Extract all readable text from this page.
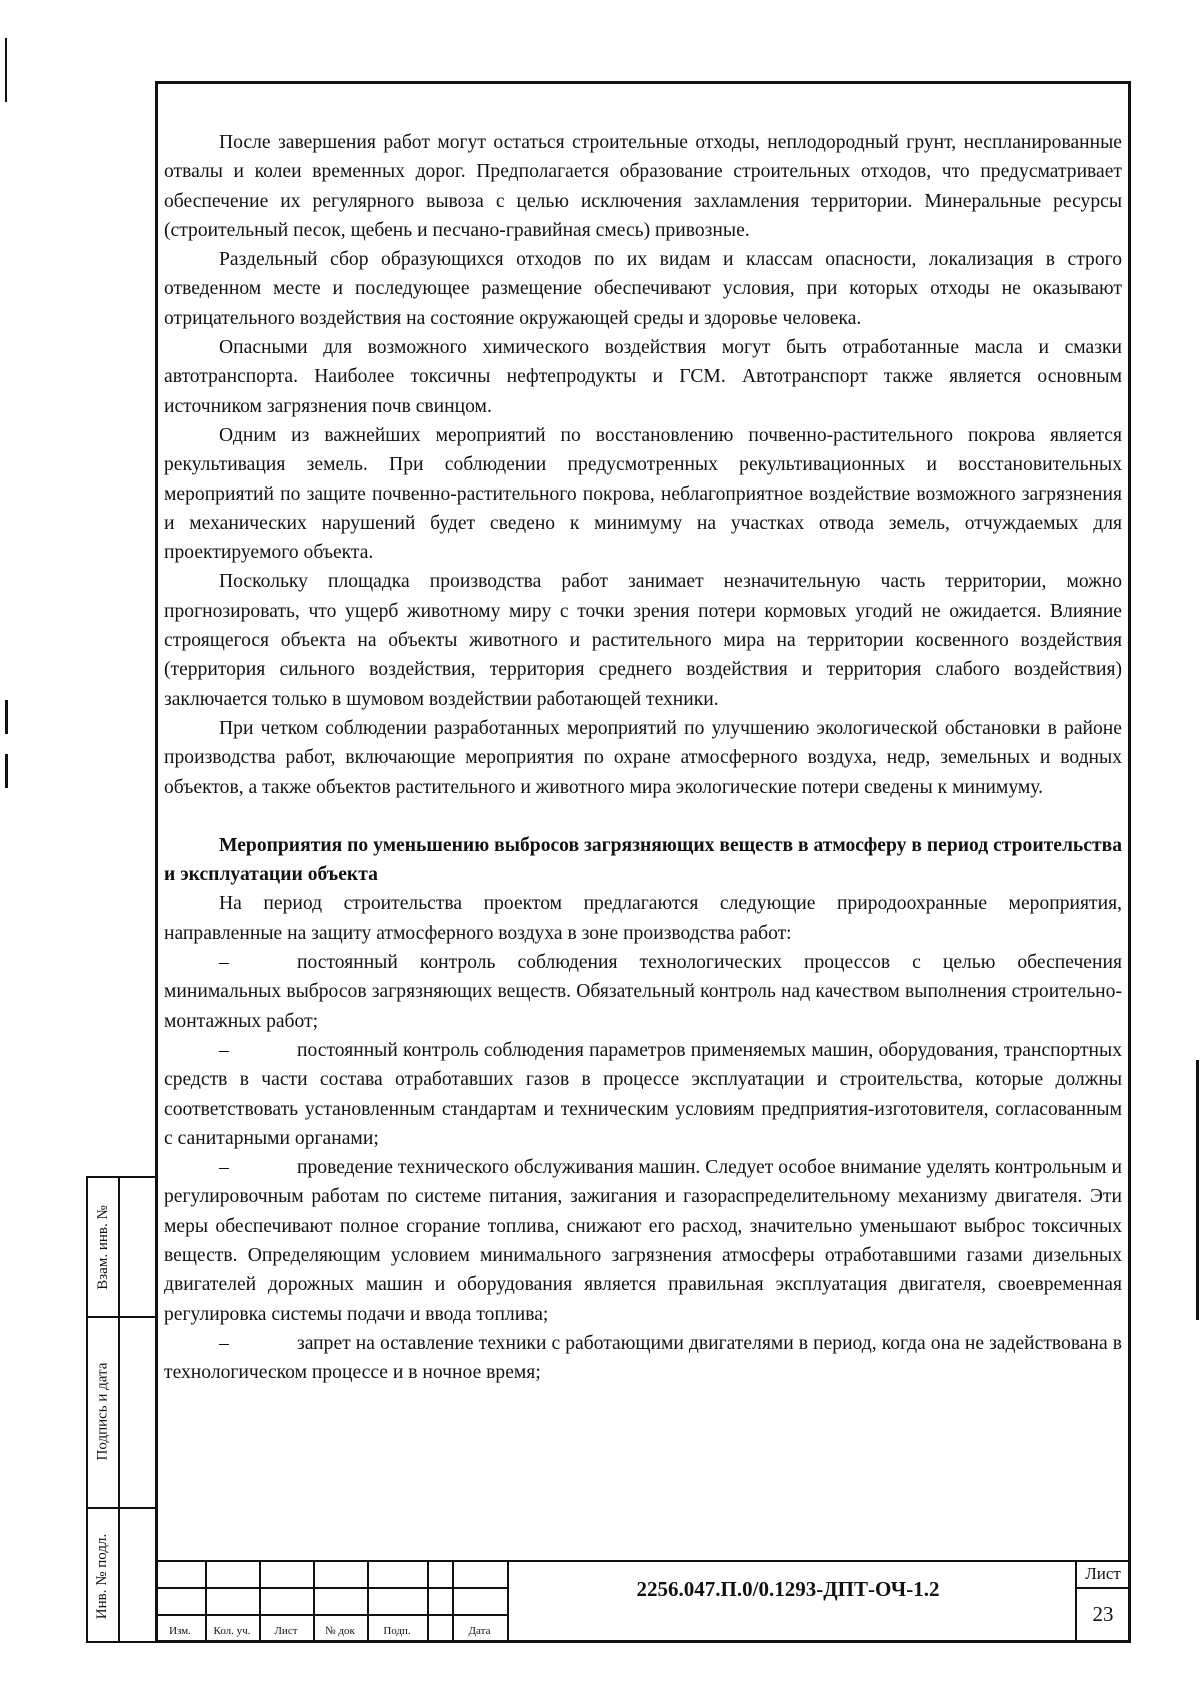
После завершения работ могут остаться строительные отходы, неплодородный грунт, неспланированные отвалы и колеи временных дорог. Предполагается образование строительных отходов, что предусматривает обеспечение их регулярного вывоза с целью исключения захламления территории. Минеральные ресурсы (строительный песок, щебень и песчано-гравийная смесь) привозные.

Раздельный сбор образующихся отходов по их видам и классам опасности, локализация в строго отведенном месте и последующее размещение обеспечивают условия, при которых отходы не оказывают отрицательного воздействия на состояние окружающей среды и здоровье человека.

Опасными для возможного химического воздействия могут быть отработанные масла и смазки автотранспорта. Наиболее токсичны нефтепродукты и ГСМ. Автотранспорт также является основным источником загрязнения почв свинцом.

Одним из важнейших мероприятий по восстановлению почвенно-растительного покрова является рекультивация земель. При соблюдении предусмотренных рекультивационных и восстановительных мероприятий по защите почвенно-растительного покрова, неблагоприятное воздействие возможного загрязнения и механических нарушений будет сведено к минимуму на участках отвода земель, отчуждаемых для проектируемого объекта.

Поскольку площадка производства работ занимает незначительную часть территории, можно прогнозировать, что ущерб животному миру с точки зрения потери кормовых угодий не ожидается. Влияние строящегося объекта на объекты животного и растительного мира на территории косвенного воздействия (территория сильного воздействия, территория среднего воздействия и территория слабого воздействия) заключается только в шумовом воздействии работающей техники.

При четком соблюдении разработанных мероприятий по улучшению экологической обстановки в районе производства работ, включающие мероприятия по охране атмосферного воздуха, недр, земельных и водных объектов, а также объектов растительного и животного мира экологические потери сведены к минимуму.

Мероприятия по уменьшению выбросов загрязняющих веществ в атмосферу в период строительства и эксплуатации объекта

На период строительства проектом предлагаются следующие природоохранные мероприятия, направленные на защиту атмосферного воздуха в зоне производства работ:

–	постоянный контроль соблюдения технологических процессов с целью обеспечения минимальных выбросов загрязняющих веществ. Обязательный контроль над качеством выполнения строительно-монтажных работ;

–	постоянный контроль соблюдения параметров применяемых машин, оборудования, транспортных средств в части состава отработавших газов в процессе эксплуатации и строительства, которые должны соответствовать установленным стандартам и техническим условиям предприятия-изготовителя, согласованным с санитарными органами;

–	проведение технического обслуживания машин. Следует особое внимание уделять контрольным и регулировочным работам по системе питания, зажигания и газораспределительному механизму двигателя. Эти меры обеспечивают полное сгорание топлива, снижают его расход, значительно уменьшают выброс токсичных веществ. Определяющим условием минимального загрязнения атмосферы отработавшими газами дизельных двигателей дорожных машин и оборудования является правильная эксплуатация двигателя, своевременная регулировка системы подачи и ввода топлива;

–	запрет на оставление техники с работающими двигателями в период, когда она не задействована в технологическом процессе и в ночное время;

Взам. инв. №
Подпись и дата
Инв. № подл.
Изм.	Кол. уч.	Лист	№ док	Подп.	Дата
2256.047.П.0/0.1293-ДПТ-ОЧ-1.2
Лист
23
